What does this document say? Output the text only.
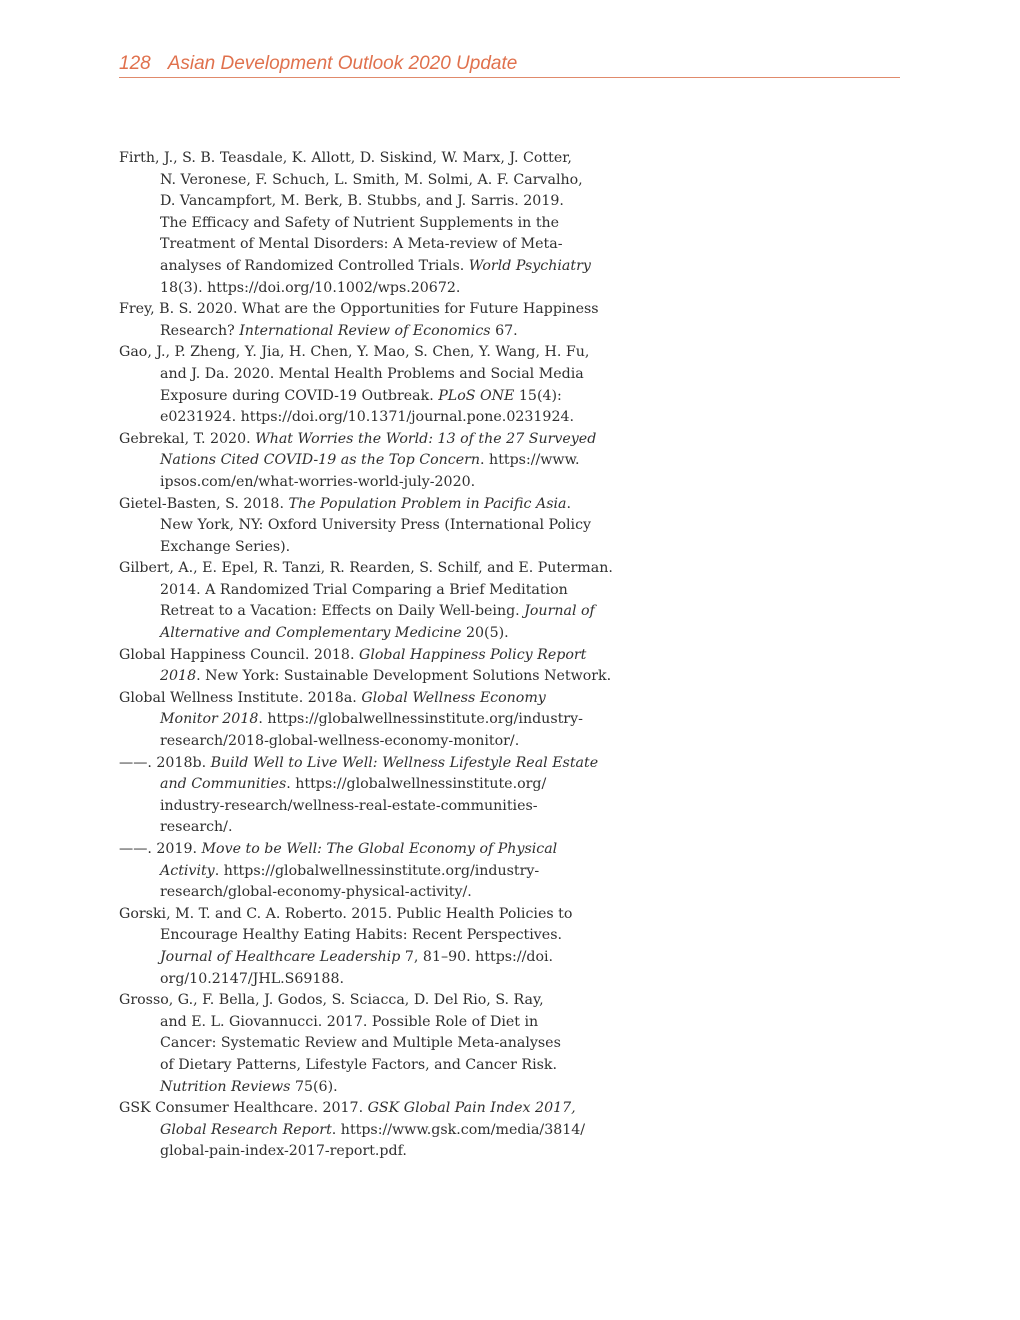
128 Asian Development Outlook 2020 Update

Firth, J., S. B. Teasdale, K. Allott, D. Siskind, W. Marx, J. Cotter,
N. Veronese, F. Schuch, L. Smith, M. Solmi, A. F. Carvalho,
D. Vancampfort, M. Berk, B. Stubbs, and J. Sarris. 2019.
The Efficacy and Safety of Nutrient Supplements in the
Treatment of Mental Disorders: A Meta-review of Meta-
analyses of Randomized Controlled Trials. World Psychiatry
18(3). https://doi.org/10.1002/wps.20672.

Frey, B. S. 2020. What are the Opportunities for Future Happiness
Research? International Review of Economics 67.

Gao, J., P. Zheng, Y. Jia, H. Chen, Y. Mao, S. Chen, Y. Wang, H. Fu,
and J. Da. 2020. Mental Health Problems and Social Media
Exposure during COVID-19 Outbreak. PLoS ONE 15(4):
e0231924. https://doi.org/10.1371/journal.pone.0231924.

Gebrekal, T. 2020. What Worries the World: 13 of the 27 Surveyed
Nations Cited COVID-19 as the Top Concern. https://www.
ipsos.com/en/what-worries-world-july-2020.

Gietel-Basten, S. 2018. The Population Problem in Pacific Asia.
New York, NY: Oxford University Press (International Policy
Exchange Series).

Gilbert, A., E. Epel, R. Tanzi, R. Rearden, S. Schilf, and E. Puterman.
2014. A Randomized Trial Comparing a Brief Meditation
Retreat to a Vacation: Effects on Daily Well-being. Journal of
Alternative and Complementary Medicine 20(5).

Global Happiness Council. 2018. Global Happiness Policy Report
2018. New York: Sustainable Development Solutions Network.

Global Wellness Institute. 2018a. Global Wellness Economy
Monitor 2018. https://globalwellnessinstitute.org/industry-
research/2018-global-wellness-economy-monitor/.

——. 2018b. Build Well to Live Well: Wellness Lifestyle Real Estate
and Communities. https://globalwellnessinstitute.org/
industry-research/wellness-real-estate-communities-
research/.

——. 2019. Move to be Well: The Global Economy of Physical
Activity. https://globalwellnessinstitute.org/industry-
research/global-economy-physical-activity/.

Gorski, M. T. and C. A. Roberto. 2015. Public Health Policies to
Encourage Healthy Eating Habits: Recent Perspectives.
Journal of Healthcare Leadership 7, 81–90. https://doi.
org/10.2147/JHL.S69188.

Grosso, G., F. Bella, J. Godos, S. Sciacca, D. Del Rio, S. Ray,
and E. L. Giovannucci. 2017. Possible Role of Diet in
Cancer: Systematic Review and Multiple Meta-analyses
of Dietary Patterns, Lifestyle Factors, and Cancer Risk.
Nutrition Reviews 75(6).

GSK Consumer Healthcare. 2017. GSK Global Pain Index 2017,
Global Research Report. https://www.gsk.com/media/3814/
global-pain-index-2017-report.pdf.
